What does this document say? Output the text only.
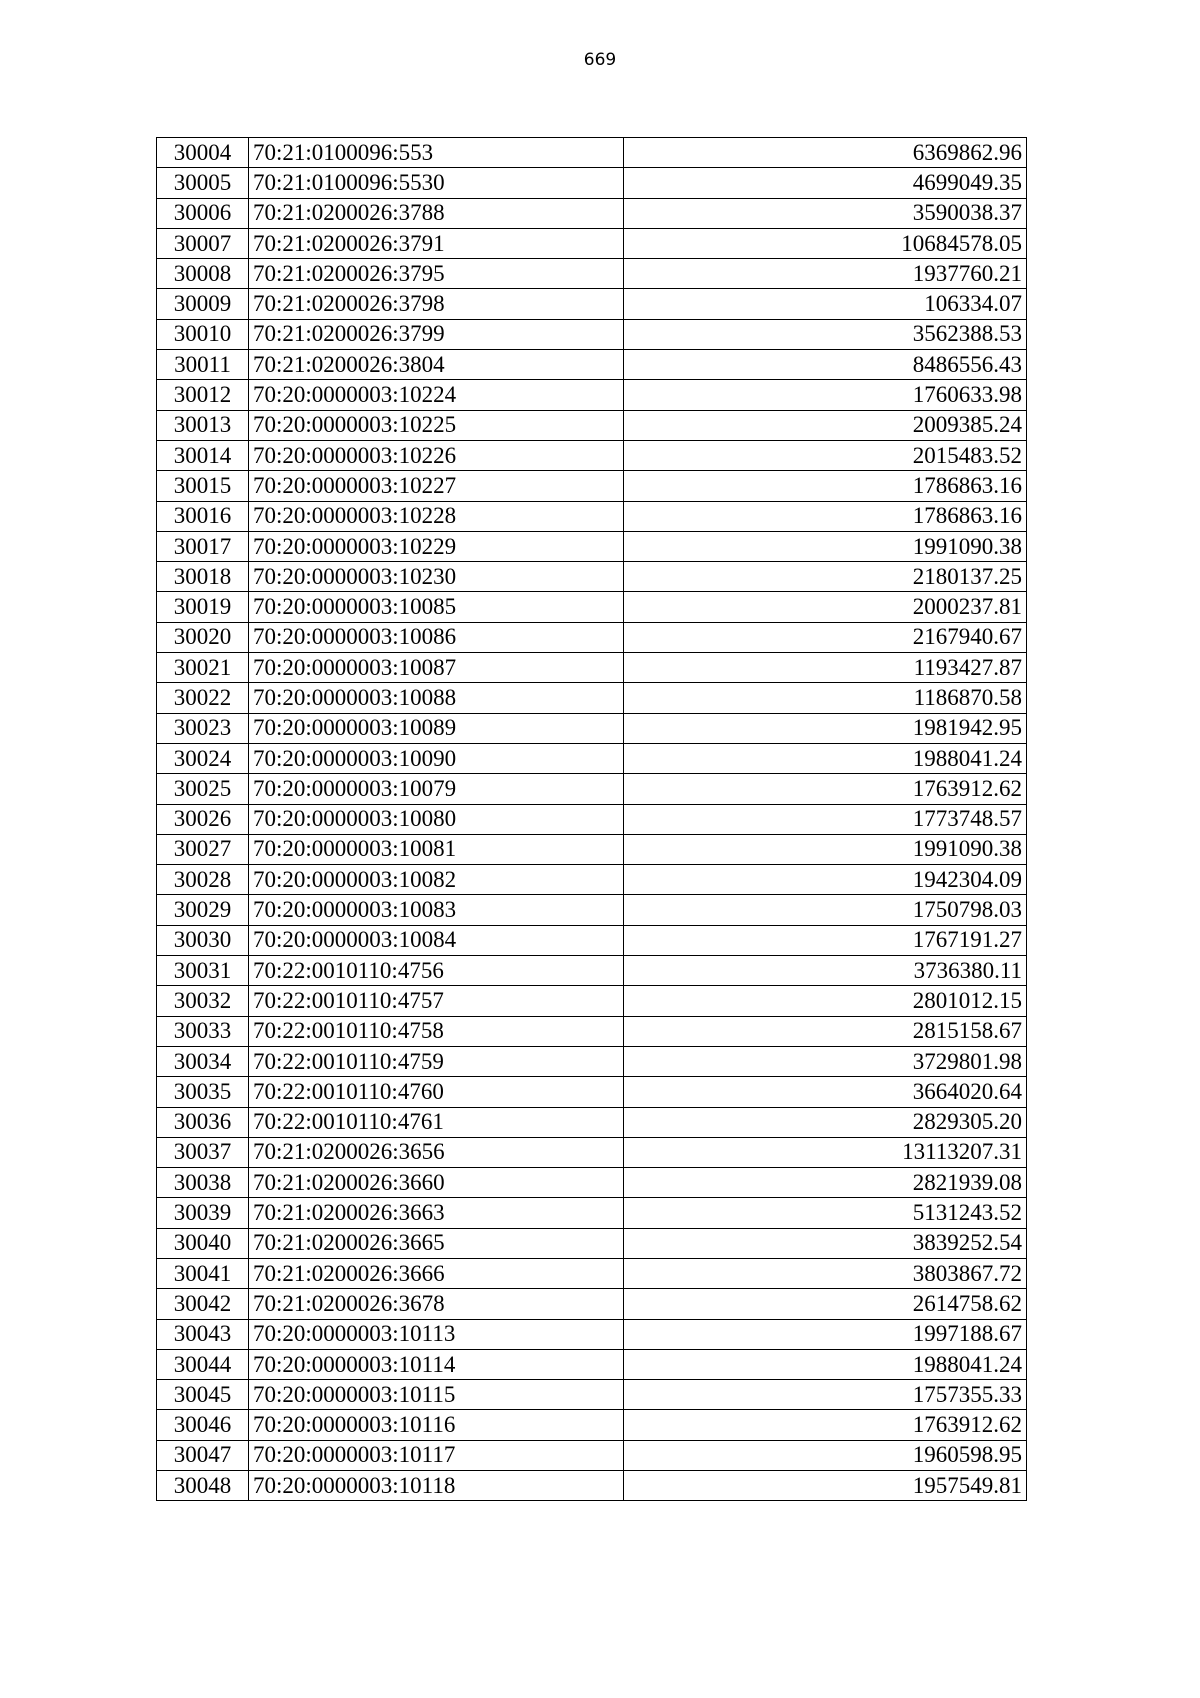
669
30004	70:21:0100096:553	6369862.96
30005	70:21:0100096:5530	4699049.35
30006	70:21:0200026:3788	3590038.37
30007	70:21:0200026:3791	10684578.05
30008	70:21:0200026:3795	1937760.21
30009	70:21:0200026:3798	106334.07
30010	70:21:0200026:3799	3562388.53
30011	70:21:0200026:3804	8486556.43
30012	70:20:0000003:10224	1760633.98
30013	70:20:0000003:10225	2009385.24
30014	70:20:0000003:10226	2015483.52
30015	70:20:0000003:10227	1786863.16
30016	70:20:0000003:10228	1786863.16
30017	70:20:0000003:10229	1991090.38
30018	70:20:0000003:10230	2180137.25
30019	70:20:0000003:10085	2000237.81
30020	70:20:0000003:10086	2167940.67
30021	70:20:0000003:10087	1193427.87
30022	70:20:0000003:10088	1186870.58
30023	70:20:0000003:10089	1981942.95
30024	70:20:0000003:10090	1988041.24
30025	70:20:0000003:10079	1763912.62
30026	70:20:0000003:10080	1773748.57
30027	70:20:0000003:10081	1991090.38
30028	70:20:0000003:10082	1942304.09
30029	70:20:0000003:10083	1750798.03
30030	70:20:0000003:10084	1767191.27
30031	70:22:0010110:4756	3736380.11
30032	70:22:0010110:4757	2801012.15
30033	70:22:0010110:4758	2815158.67
30034	70:22:0010110:4759	3729801.98
30035	70:22:0010110:4760	3664020.64
30036	70:22:0010110:4761	2829305.20
30037	70:21:0200026:3656	13113207.31
30038	70:21:0200026:3660	2821939.08
30039	70:21:0200026:3663	5131243.52
30040	70:21:0200026:3665	3839252.54
30041	70:21:0200026:3666	3803867.72
30042	70:21:0200026:3678	2614758.62
30043	70:20:0000003:10113	1997188.67
30044	70:20:0000003:10114	1988041.24
30045	70:20:0000003:10115	1757355.33
30046	70:20:0000003:10116	1763912.62
30047	70:20:0000003:10117	1960598.95
30048	70:20:0000003:10118	1957549.81
